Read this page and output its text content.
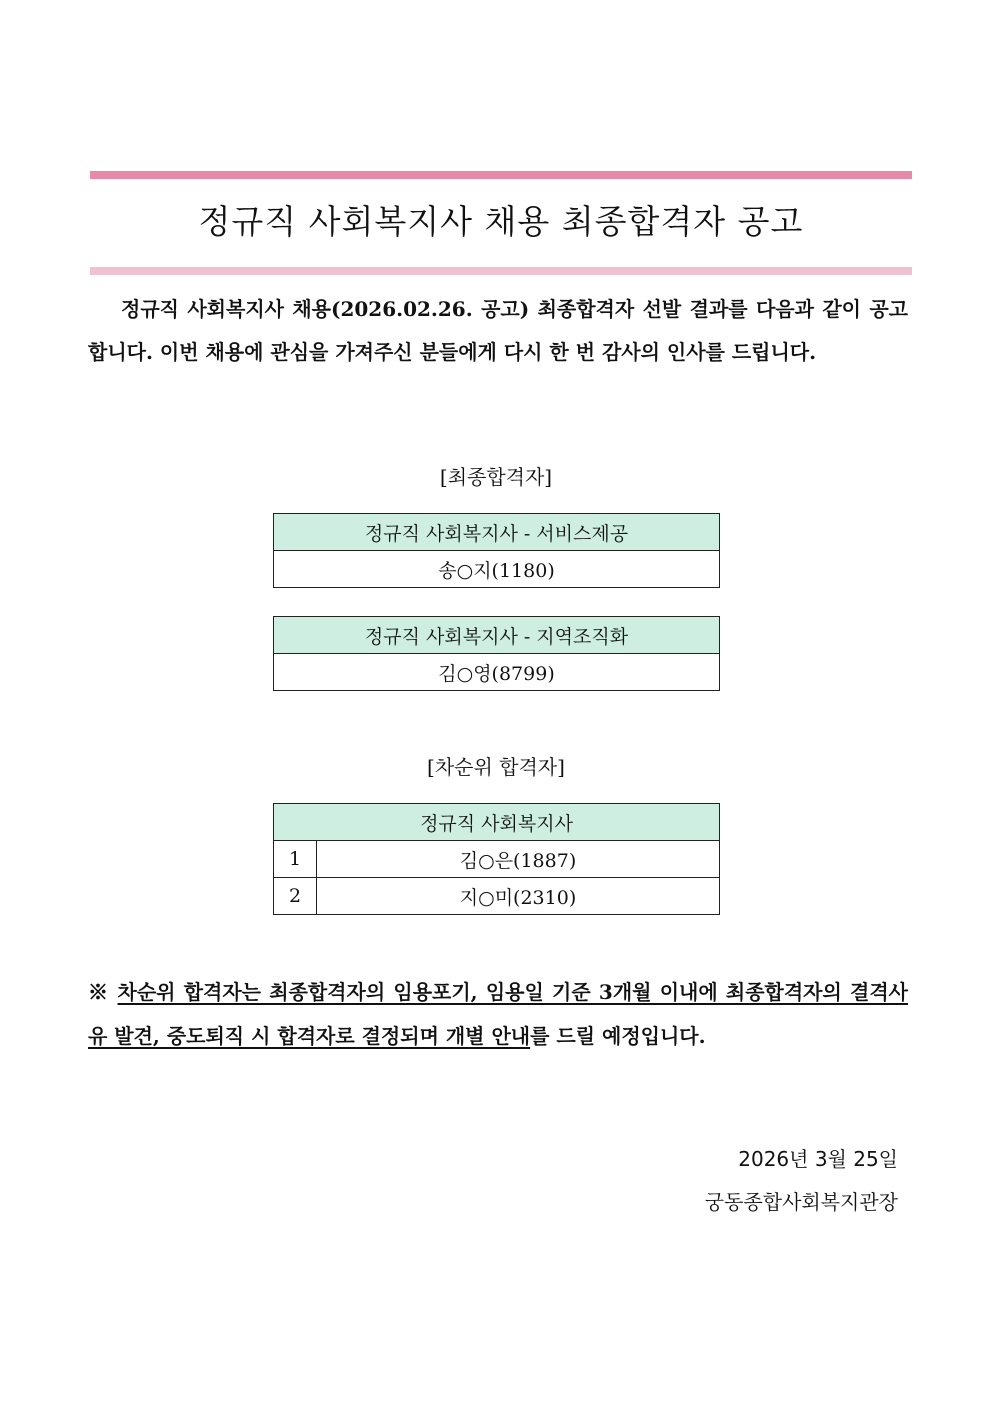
정규직 사회복지사 채용 최종합격자 공고

정규직 사회복지사 채용(2026.02.26. 공고) 최종합격자 선발 결과를 다음과 같이 공고합니다. 이번 채용에 관심을 가져주신 분들에게 다시 한 번 감사의 인사를 드립니다.

[최종합격자]
정규직 사회복지사 - 서비스제공
송○지(1180)
정규직 사회복지사 - 지역조직화
김○영(8799)
[차순위 합격자]
정규직 사회복지사	
1	김○은(1887)
2	지○미(2310)

※ 차순위 합격자는 최종합격자의 임용포기, 임용일 기준 3개월 이내에 최종합격자의 결격사유 발견, 중도퇴직 시 합격자로 결정되며 개별 안내를 드릴 예정입니다.

2026년 3월 25일
궁동종합사회복지관장
